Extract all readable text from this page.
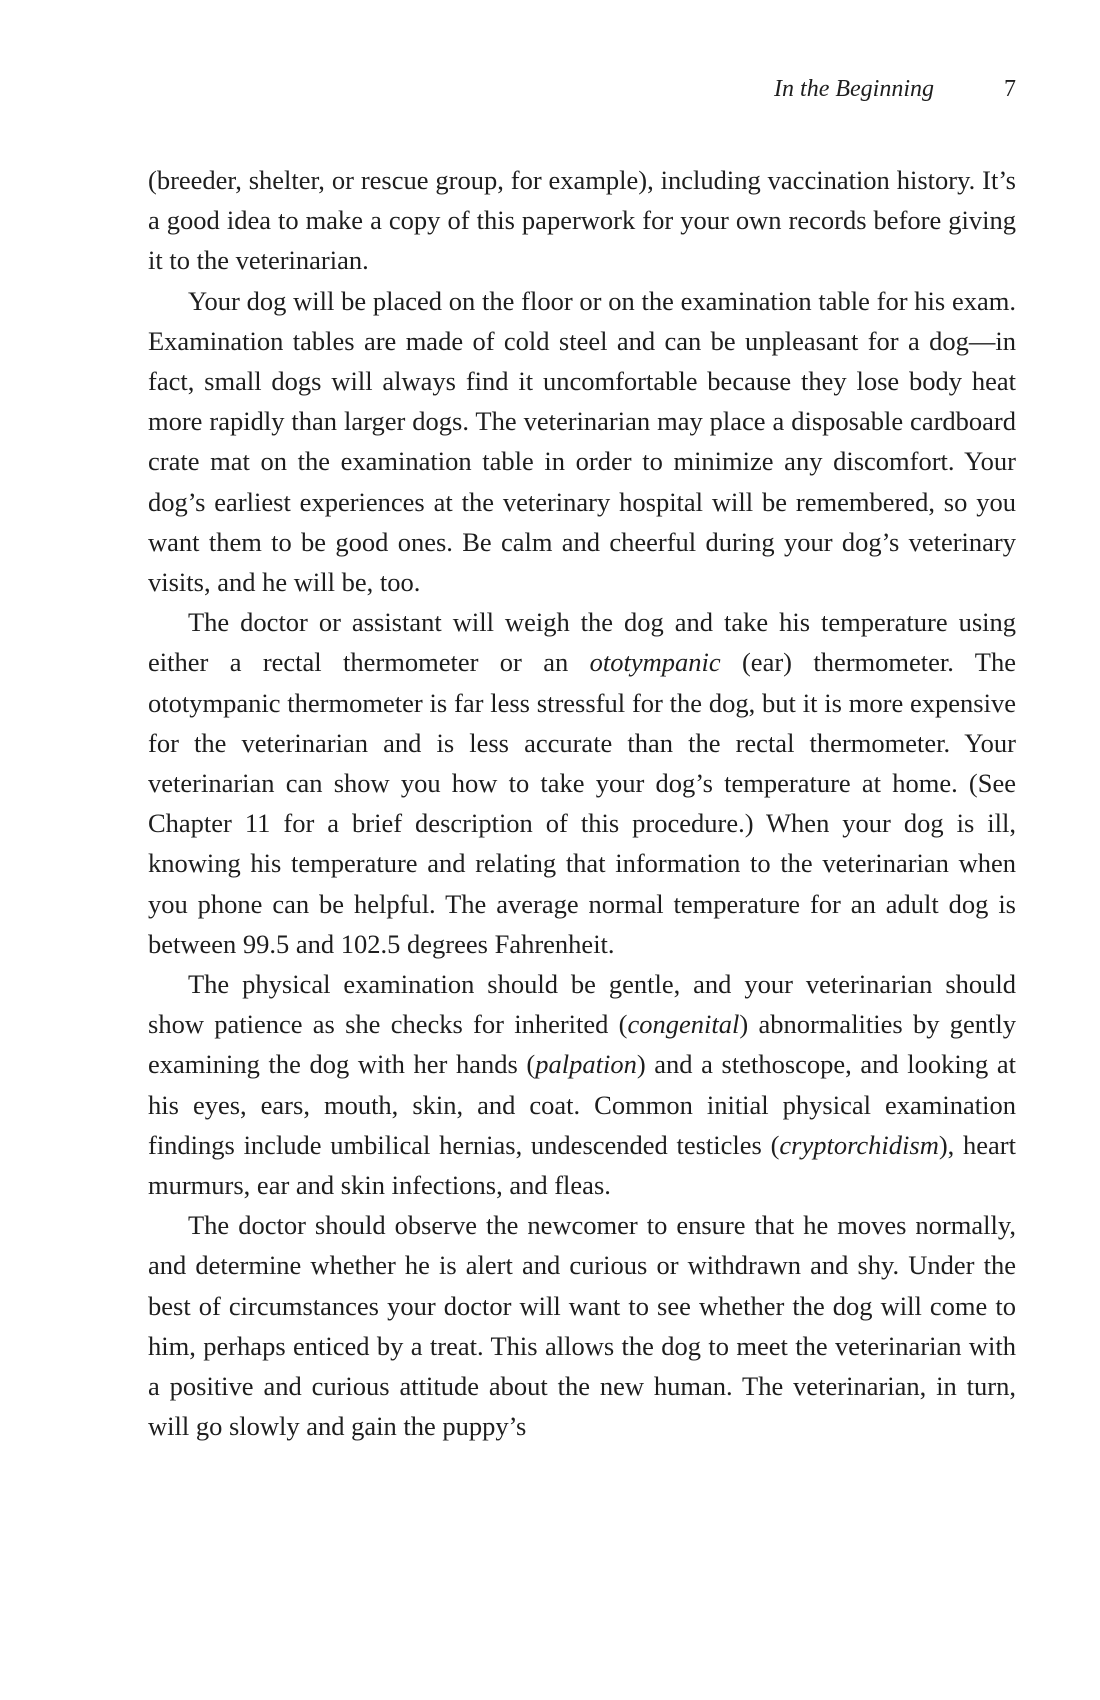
In the Beginning	7

(breeder, shelter, or rescue group, for example), including vaccination history. It’s a good idea to make a copy of this paperwork for your own records before giving it to the veterinarian.

Your dog will be placed on the floor or on the examination table for his exam. Examination tables are made of cold steel and can be unpleasant for a dog—in fact, small dogs will always find it uncomfortable because they lose body heat more rapidly than larger dogs. The veterinarian may place a disposable cardboard crate mat on the examination table in order to minimize any discomfort. Your dog’s earliest experiences at the veterinary hospital will be remembered, so you want them to be good ones. Be calm and cheerful during your dog’s veterinary visits, and he will be, too.

The doctor or assistant will weigh the dog and take his temperature using either a rectal thermometer or an ototympanic (ear) thermometer. The ototympanic thermometer is far less stressful for the dog, but it is more expensive for the veterinarian and is less accurate than the rectal thermometer. Your veterinarian can show you how to take your dog’s temperature at home. (See Chapter 11 for a brief description of this procedure.) When your dog is ill, knowing his temperature and relating that information to the veterinarian when you phone can be helpful. The average normal temperature for an adult dog is between 99.5 and 102.5 degrees Fahrenheit.

The physical examination should be gentle, and your veterinarian should show patience as she checks for inherited (congenital) abnormalities by gently examining the dog with her hands (palpation) and a stethoscope, and looking at his eyes, ears, mouth, skin, and coat. Common initial physical examination findings include umbilical hernias, undescended testicles (cryptorchidism), heart murmurs, ear and skin infections, and fleas.

The doctor should observe the newcomer to ensure that he moves normally, and determine whether he is alert and curious or withdrawn and shy. Under the best of circumstances your doctor will want to see whether the dog will come to him, perhaps enticed by a treat. This allows the dog to meet the veterinarian with a positive and curious attitude about the new human. The veterinarian, in turn, will go slowly and gain the puppy’s
